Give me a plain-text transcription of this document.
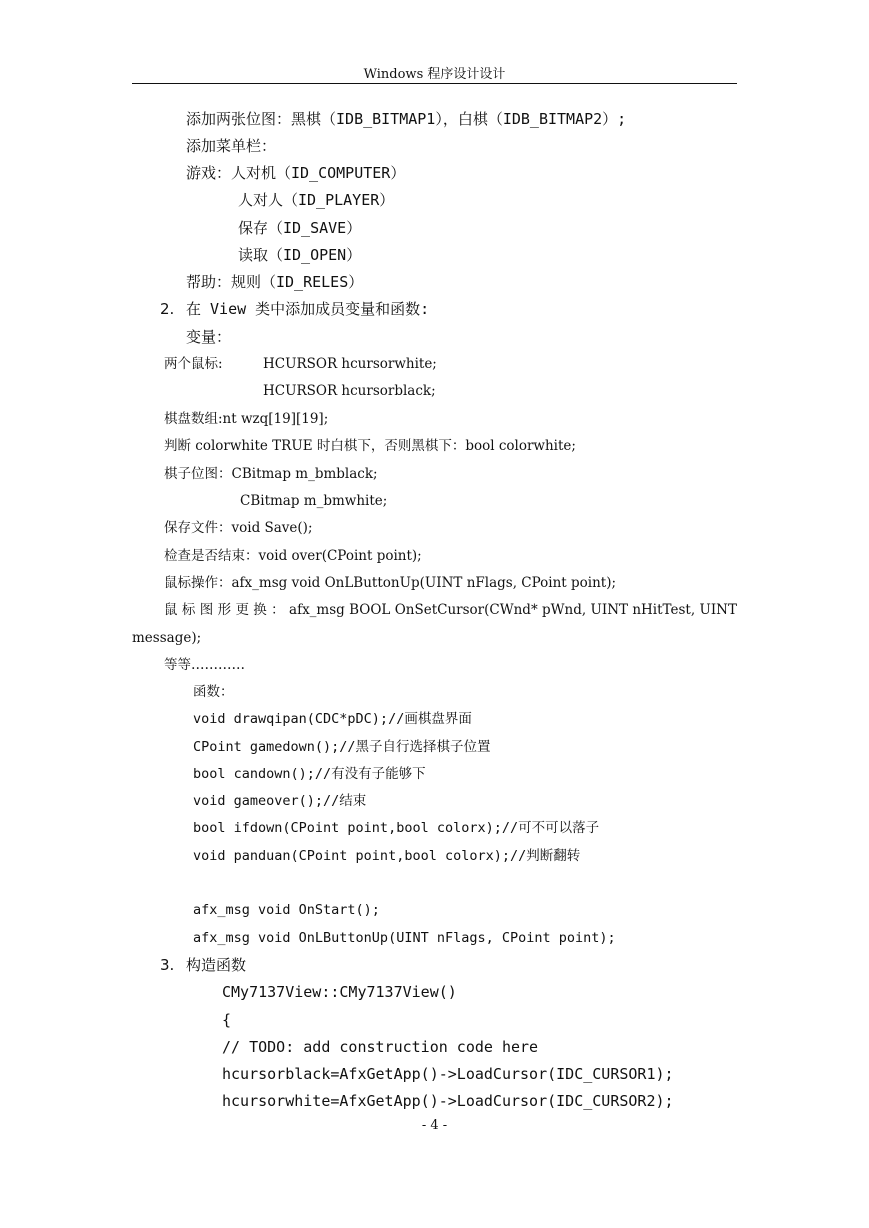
Windows 程序设计设计
添加两张位图：黑棋（IDB_BITMAP1），白棋（IDB_BITMAP2）;
添加菜单栏：
游戏：人对机（ID_COMPUTER）
人对人（ID_PLAYER）
保存（ID_SAVE）
读取（ID_OPEN）
帮助：规则（ID_RELES）
2. 在 View 类中添加成员变量和函数:
变量：
两个鼠标:	HCURSOR hcursorwhite;
HCURSOR hcursorblack;
棋盘数组:nt wzq[19][19];
判断 colorwhite TRUE 时白棋下，否则黑棋下：bool colorwhite;
棋子位图：CBitmap m_bmblack;
CBitmap m_bmwhite;
保存文件：void Save();
检查是否结束：void over(CPoint point);
鼠标操作：afx_msg void OnLButtonUp(UINT nFlags, CPoint point);
鼠 标 图 形 更 换 ： afx_msg BOOL OnSetCursor(CWnd* pWnd, UINT nHitTest, UINT
message);
等等…………
函数：
void drawqipan(CDC*pDC);//画棋盘界面
CPoint gamedown();//黑子自行选择棋子位置
bool candown();//有没有子能够下
void gameover();//结束
bool ifdown(CPoint point,bool colorx);//可不可以落子
void panduan(CPoint point,bool colorx);//判断翻转
afx_msg void OnStart();
afx_msg void OnLButtonUp(UINT nFlags, CPoint point);
3. 构造函数
CMy7137View::CMy7137View()
{
// TODO: add construction code here
hcursorblack=AfxGetApp()->LoadCursor(IDC_CURSOR1);
hcursorwhite=AfxGetApp()->LoadCursor(IDC_CURSOR2);
- 4 -
